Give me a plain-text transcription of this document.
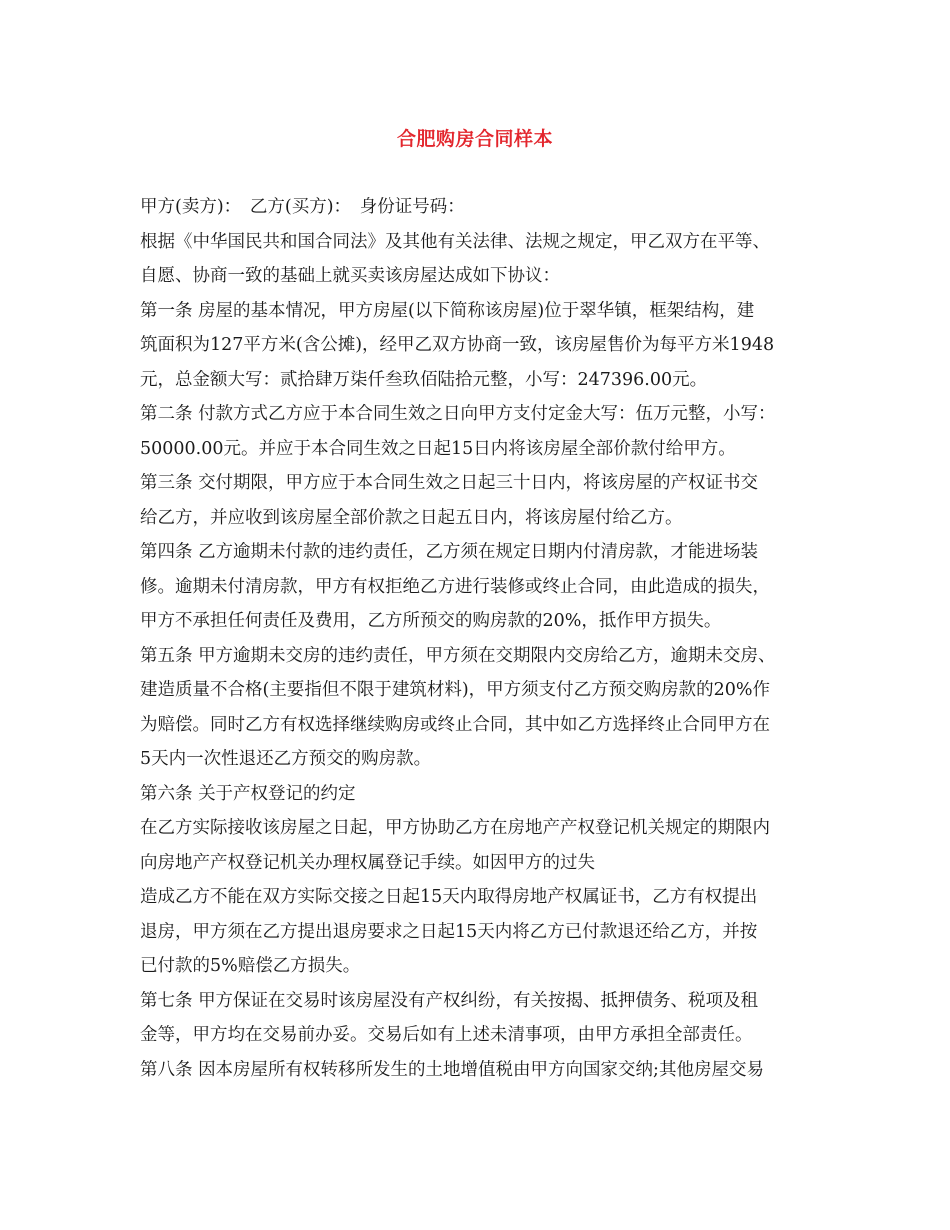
合肥购房合同样本
甲方(卖方)：　乙方(买方)：　身份证号码：
根据《中华国民共和国合同法》及其他有关法律、法规之规定，甲乙双方在平等、
自愿、协商一致的基础上就买卖该房屋达成如下协议：
第一条 房屋的基本情况，甲方房屋(以下简称该房屋)位于翠华镇，框架结构，建
筑面积为127平方米(含公摊)，经甲乙双方协商一致，该房屋售价为每平方米1948
元，总金额大写：贰拾肆万柒仟叁玖佰陆拾元整，小写：247396.00元。
第二条 付款方式乙方应于本合同生效之日向甲方支付定金大写：伍万元整，小写：
50000.00元。并应于本合同生效之日起15日内将该房屋全部价款付给甲方。
第三条 交付期限，甲方应于本合同生效之日起三十日内，将该房屋的产权证书交
给乙方，并应收到该房屋全部价款之日起五日内，将该房屋付给乙方。
第四条 乙方逾期未付款的违约责任，乙方须在规定日期内付清房款，才能进场装
修。逾期未付清房款，甲方有权拒绝乙方进行装修或终止合同，由此造成的损失，
甲方不承担任何责任及费用，乙方所预交的购房款的20%，抵作甲方损失。
第五条 甲方逾期未交房的违约责任，甲方须在交期限内交房给乙方，逾期未交房、
建造质量不合格(主要指但不限于建筑材料)，甲方须支付乙方预交购房款的20%作
为赔偿。同时乙方有权选择继续购房或终止合同，其中如乙方选择终止合同甲方在
5天内一次性退还乙方预交的购房款。
第六条 关于产权登记的约定
在乙方实际接收该房屋之日起，甲方协助乙方在房地产产权登记机关规定的期限内
向房地产产权登记机关办理权属登记手续。如因甲方的过失
造成乙方不能在双方实际交接之日起15天内取得房地产权属证书，乙方有权提出
退房，甲方须在乙方提出退房要求之日起15天内将乙方已付款退还给乙方，并按
已付款的5%赔偿乙方损失。
第七条 甲方保证在交易时该房屋没有产权纠纷，有关按揭、抵押债务、税项及租
金等，甲方均在交易前办妥。交易后如有上述未清事项，由甲方承担全部责任。
第八条 因本房屋所有权转移所发生的土地增值税由甲方向国家交纳;其他房屋交易
